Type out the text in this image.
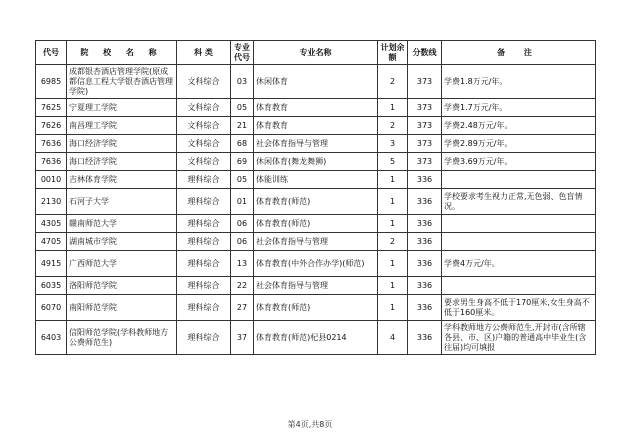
代号	院 校 名 称	科 类	专业代号	专业名称	计划余额	分数线	备 注
6985	成都银杏酒店管理学院(原成都信息工程大学银杏酒店管理学院)	文科综合	03	休闲体育	2	373	学费1.8万元/年。
7625	宁夏理工学院	文科综合	05	体育教育	1	373	学费1.7万元/年。
7626	南昌理工学院	文科综合	21	体育教育	2	373	学费2.48万元/年。
7636	海口经济学院	文科综合	68	社会体育指导与管理	3	373	学费2.89万元/年。
7636	海口经济学院	文科综合	69	休闲体育(舞龙舞狮)	5	373	学费3.69万元/年。
0010	吉林体育学院	理科综合	05	体能训练	1	336	
2130	石河子大学	理科综合	01	体育教育(师范)	1	336	学校要求考生视力正常,无色弱、色盲情况。
4305	赣南师范大学	理科综合	06	体育教育(师范)	1	336	
4705	湖南城市学院	理科综合	06	社会体育指导与管理	2	336	
4915	广西师范大学	理科综合	13	体育教育(中外合作办学)(师范)	1	336	学费4万元/年。
6035	洛阳师范学院	理科综合	22	社会体育指导与管理	1	336	
6070	南阳师范学院	理科综合	27	体育教育(师范)	1	336	要求男生身高不低于170厘米,女生身高不低于160厘米。
6403	信阳师范学院(学科教师地方公费师范生)	理科综合	37	体育教育(师范)杞县0214	4	336	学科教师地方公费师范生,开封市(含所辖各县、市、区)户籍的普通高中毕业生(含往届)均可填报
第4页,共8页
